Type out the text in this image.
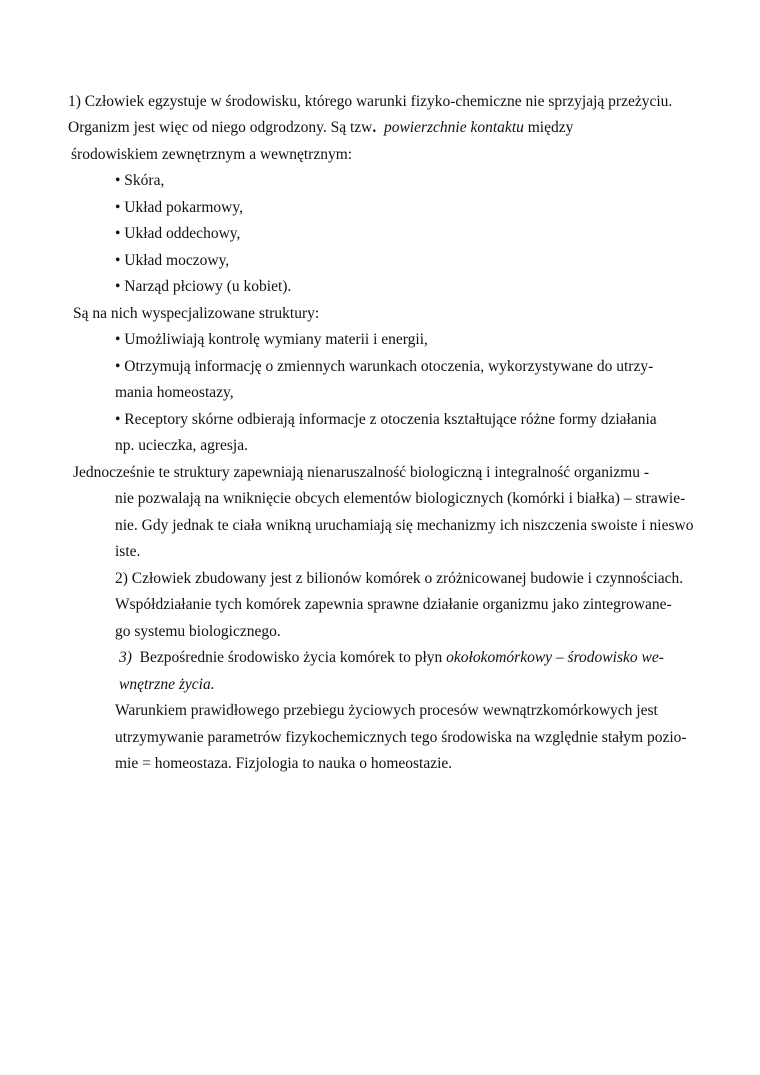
1) Człowiek egzystuje w środowisku, którego warunki fizyko-chemiczne nie sprzyjają przeżyciu.
Organizm jest więc od niego odgrodzony. Są tzw. powierzchnie kontaktu między
środowiskiem zewnętrznym a wewnętrznym:
• Skóra,
• Układ pokarmowy,
• Układ oddechowy,
• Układ moczowy,
• Narząd płciowy (u kobiet).
Są na nich wyspecjalizowane struktury:
• Umożliwiają kontrolę wymiany materii i energii,
• Otrzymują informację o zmiennych warunkach otoczenia, wykorzystywane do utrzy-
mania homeostazy,
• Receptory skórne odbierają informacje z otoczenia kształtujące różne formy działania
np. ucieczka, agresja.
Jednocześnie te struktury zapewniają nienaruszalność biologiczną i integralność organizmu -
nie pozwalają na wniknięcie obcych elementów biologicznych (komórki i białka) – strawie-
nie. Gdy jednak te ciała wnikną uruchamiają się mechanizmy ich niszczenia swoiste i nieswo
iste.
2) Człowiek zbudowany jest z bilionów komórek o zróżnicowanej budowie i czynnościach.
Współdziałanie tych komórek zapewnia sprawne działanie organizmu jako zintegrowane-
go systemu biologicznego.
3) Bezpośrednie środowisko życia komórek to płyn okołokomórkowy – środowisko we-
wnętrzne życia.
Warunkiem prawidłowego przebiegu życiowych procesów wewnątrzkomórkowych jest
utrzymywanie parametrów fizykochemicznych tego środowiska na względnie stałym pozio-
mie = homeostaza. Fizjologia to nauka o homeostazie.
